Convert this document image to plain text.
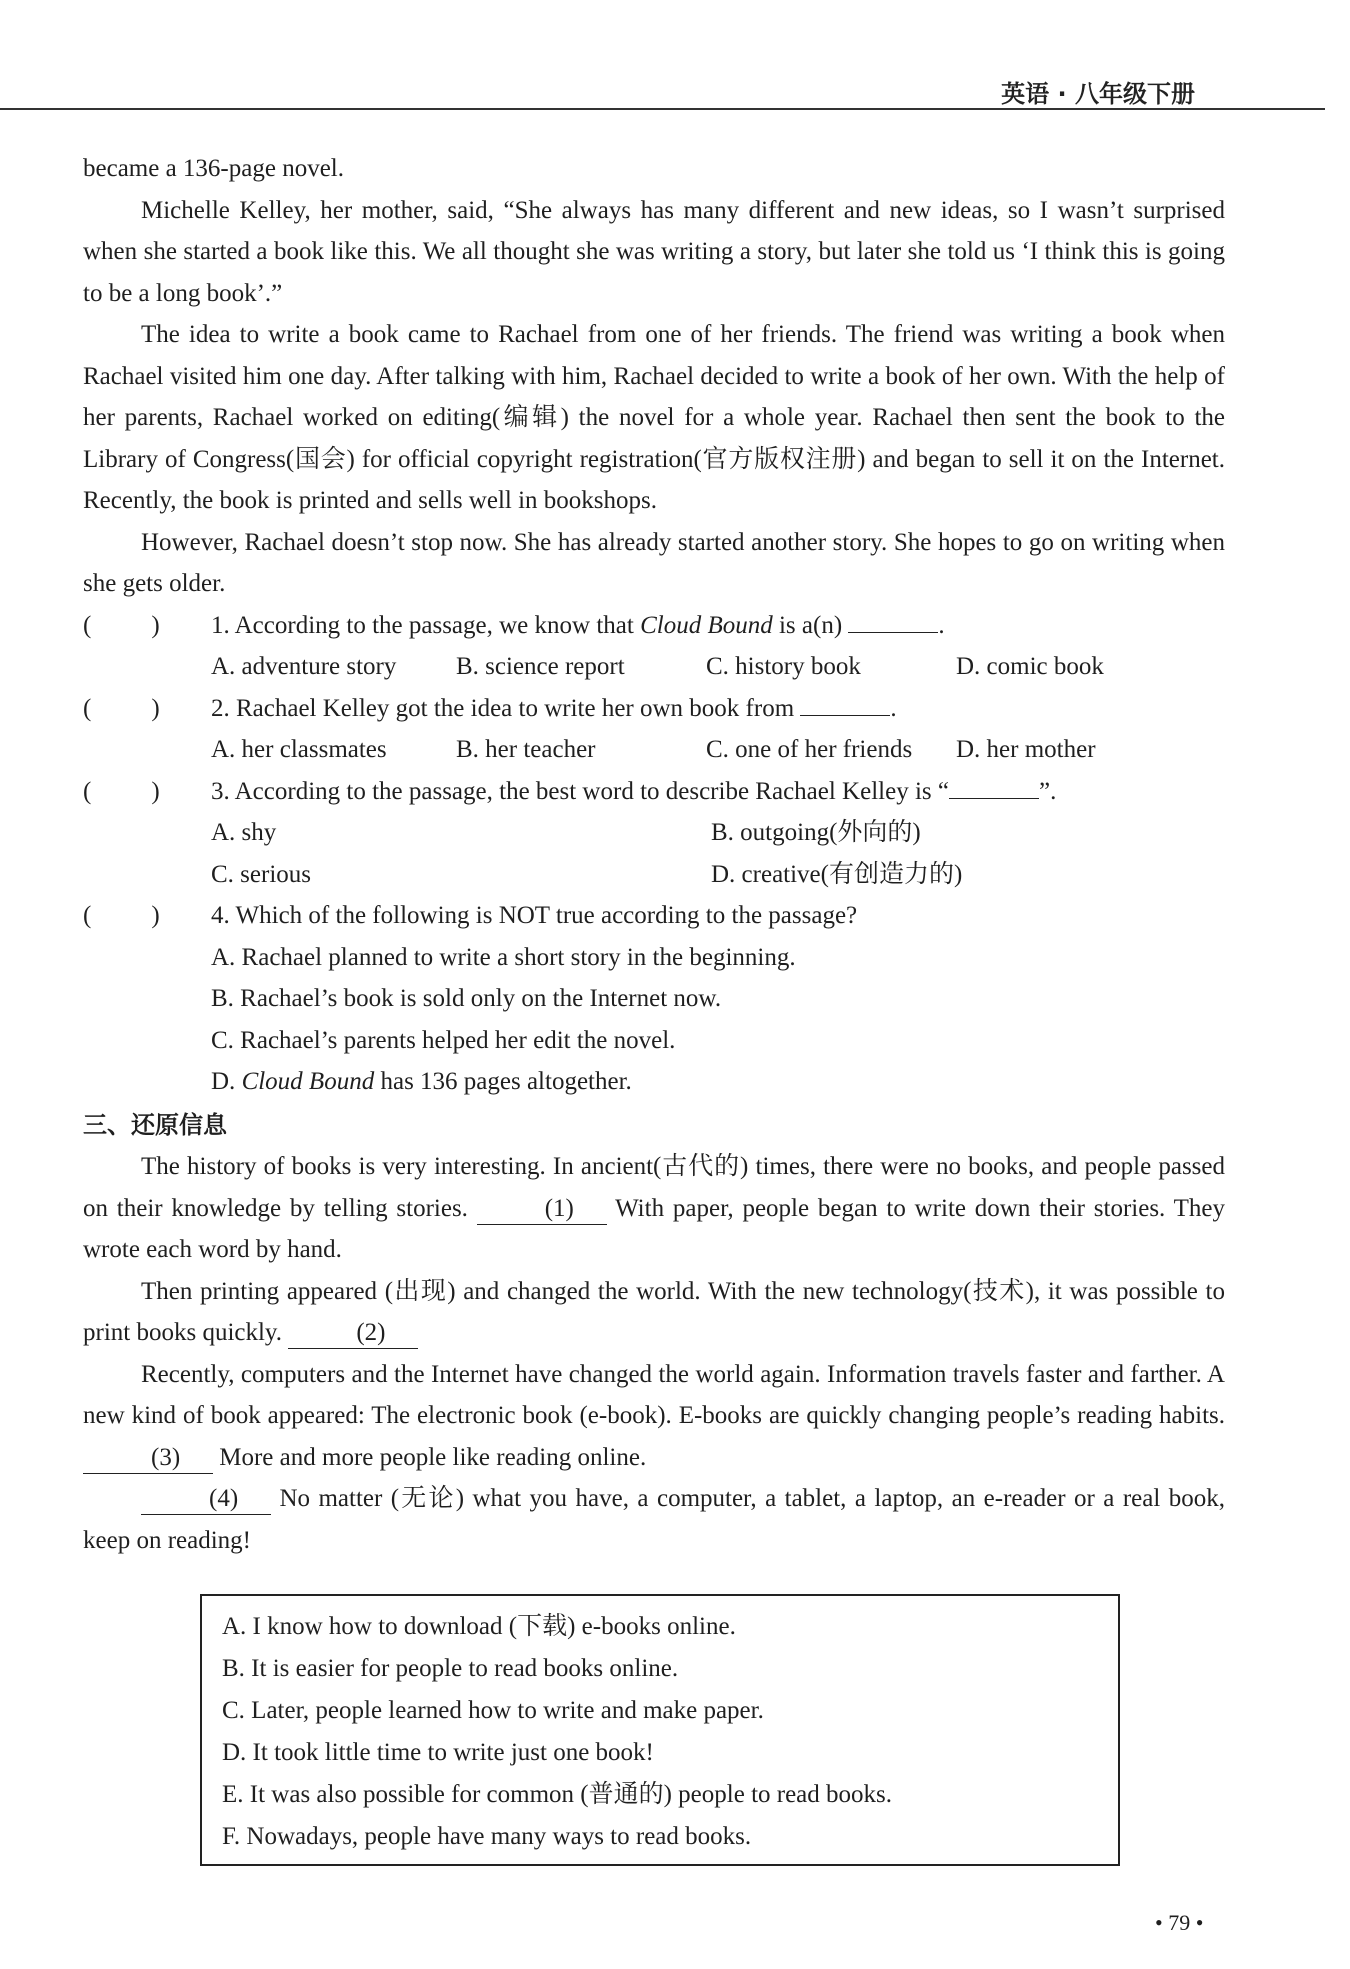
英语 · 八年级下册

became a 136-page novel.

Michelle Kelley, her mother, said, “She always has many different and new ideas, so I wasn’t surprised when she started a book like this. We all thought she was writing a story, but later she told us ‘I think this is going to be a long book’.”

The idea to write a book came to Rachael from one of her friends. The friend was writing a book when Rachael visited him one day. After talking with him, Rachael decided to write a book of her own. With the help of her parents, Rachael worked on editing(编辑) the novel for a whole year. Rachael then sent the book to the Library of Congress(国会) for official copyright registration(官方版权注册) and began to sell it on the Internet. Recently, the book is printed and sells well in bookshops.

However, Rachael doesn’t stop now. She has already started another story. She hopes to go on writing when she gets older.

( ) 1. According to the passage, we know that Cloud Bound is a(n)	.

A. adventure story	B. science report	C. history book	D. comic book

( ) 2. Rachael Kelley got the idea to write her own book from	.

A. her classmates	B. her teacher	C. one of her friends	D. her mother

( ) 3. According to the passage, the best word to describe Rachael Kelley is “	”.

A. shy	B. outgoing(外向的)
C. serious	D. creative(有创造力的)

( ) 4. Which of the following is NOT true according to the passage?

A. Rachael planned to write a short story in the beginning.
B. Rachael’s book is sold only on the Internet now.
C. Rachael’s parents helped her edit the novel.
D. Cloud Bound has 136 pages altogether.

三、还原信息

The history of books is very interesting. In ancient(古代的) times, there were no books, and people passed on their knowledge by telling stories.	(1) With paper, people began to write down their stories. They wrote each word by hand.

Then printing appeared (出现) and changed the world. With the new technology(技术), it was possible to print books quickly.	(2)

Recently, computers and the Internet have changed the world again. Information travels faster and farther. A new kind of book appeared: The electronic book (e-book). E-books are quickly changing people’s reading habits. (3) More and more people like reading online.

(4) No matter (无论) what you have, a computer, a tablet, a laptop, an e-reader or a real book, keep on reading!

A. I know how to download (下载) e-books online.
B. It is easier for people to read books online.
C. Later, people learned how to write and make paper.
D. It took little time to write just one book!
E. It was also possible for common (普通的) people to read books.
F. Nowadays, people have many ways to read books.
• 79 •
